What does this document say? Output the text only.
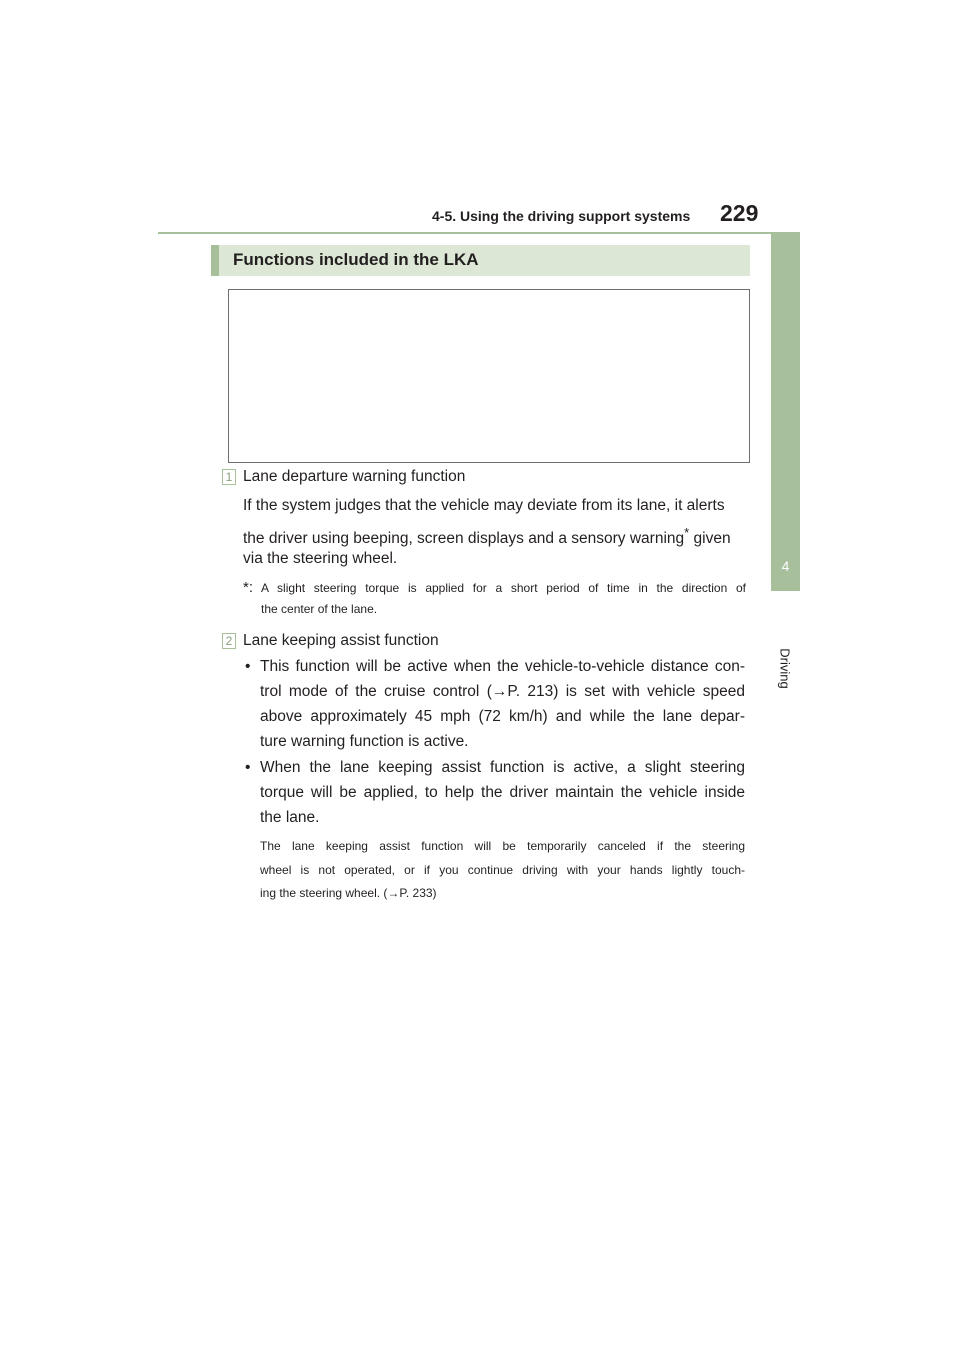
4-5. Using the driving support systems 229
4
Driving
Functions included in the LKA
1 Lane departure warning function
If the system judges that the vehicle may deviate from its lane, it alerts
the driver using beeping, screen displays and a sensory warning* given
via the steering wheel.
*: A slight steering torque is applied for a short period of time in the direction of
the center of the lane.
2 Lane keeping assist function
• This function will be active when the vehicle-to-vehicle distance con-
trol mode of the cruise control (→P. 213) is set with vehicle speed
above approximately 45 mph (72 km/h) and while the lane depar-
ture warning function is active.
• When the lane keeping assist function is active, a slight steering
torque will be applied, to help the driver maintain the vehicle inside
the lane.
The lane keeping assist function will be temporarily canceled if the steering
wheel is not operated, or if you continue driving with your hands lightly touch-
ing the steering wheel. (→P. 233)
